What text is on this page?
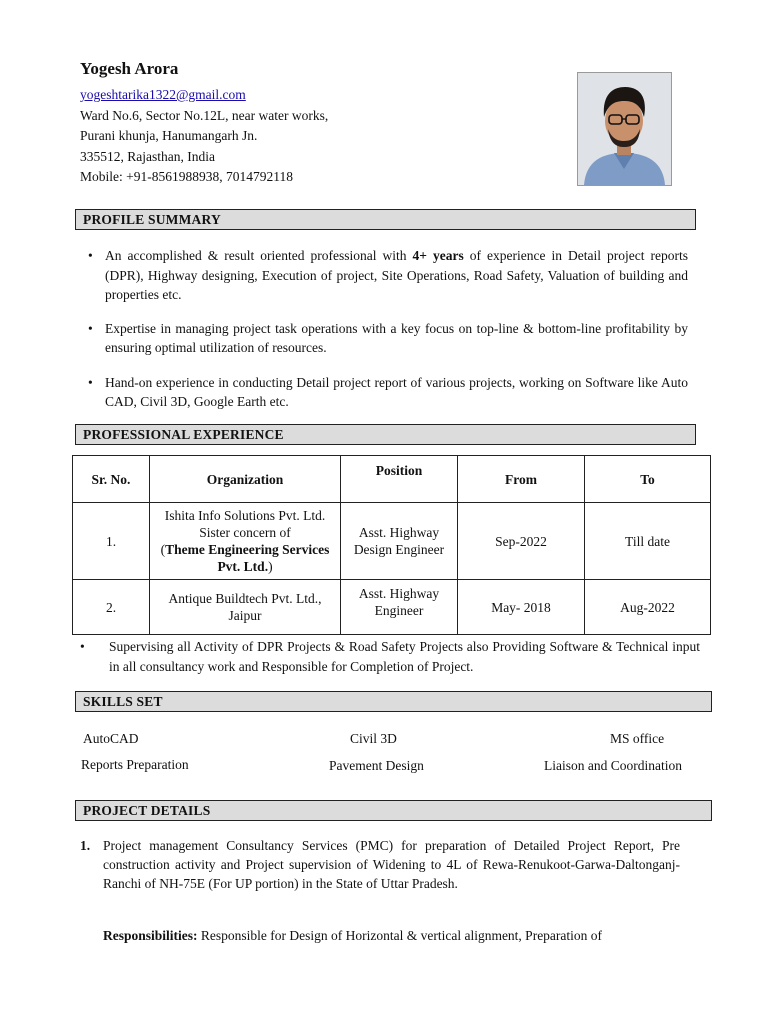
Yogesh Arora
yogeshtarika1322@gmail.com
Ward No.6, Sector No.12L, near water works,
Purani khunja, Hanumangarh Jn.
335512, Rajasthan, India
Mobile: +91-8561988938, 7014792118
PROFILE SUMMARY
• An accomplished & result oriented professional with 4+ years of experience in Detail project reports (DPR), Highway designing, Execution of project, Site Operations, Road Safety, Valuation of building and properties etc.
• Expertise in managing project task operations with a key focus on top-line & bottom-line profitability by ensuring optimal utilization of resources.
• Hand-on experience in conducting Detail project report of various projects, working on Software like Auto CAD, Civil 3D, Google Earth etc.
PROFESSIONAL EXPERIENCE
Sr. No.	Organization	Position	From	To
1.	Ishita Info Solutions Pvt. Ltd. Sister concern of
(Theme Engineering Services Pvt. Ltd.)	Asst. Highway Design Engineer	Sep-2022	Till date
2.	Antique Buildtech Pvt. Ltd., Jaipur	Asst. Highway Engineer	May- 2018	Aug-2022
• Supervising all Activity of DPR Projects & Road Safety Projects also Providing Software & Technical input in all consultancy work and Responsible for Completion of Project.
SKILLS SET
AutoCAD	Civil 3D	MS office
Reports Preparation	Pavement Design	Liaison and Coordination
PROJECT DETAILS
1. Project management Consultancy Services (PMC) for preparation of Detailed Project Report, Pre construction activity and Project supervision of Widening to 4L of Rewa-Renukoot-Garwa-Daltonganj-Ranchi of NH-75E (For UP portion) in the State of Uttar Pradesh.
Responsibilities: Responsible for Design of Horizontal & vertical alignment, Preparation of
